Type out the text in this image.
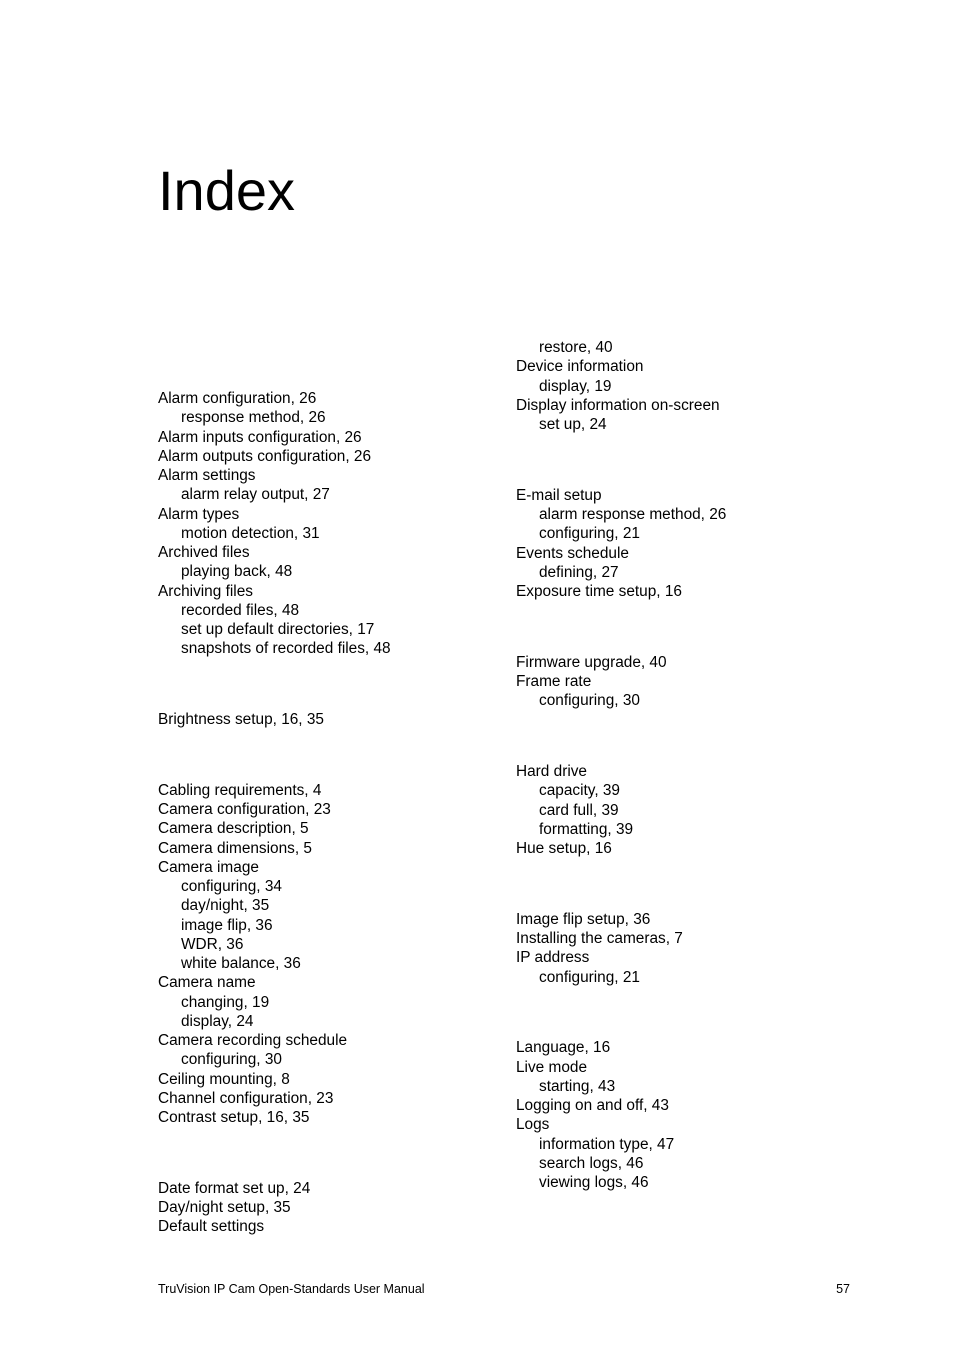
Index
Alarm configuration, 26
response method, 26
Alarm inputs configuration, 26
Alarm outputs configuration, 26
Alarm settings
alarm relay output, 27
Alarm types
motion detection, 31
Archived files
playing back, 48
Archiving files
recorded files, 48
set up default directories, 17
snapshots of recorded files, 48
Brightness setup, 16, 35
Cabling requirements, 4
Camera configuration, 23
Camera description, 5
Camera dimensions, 5
Camera image
configuring, 34
day/night, 35
image flip, 36
WDR, 36
white balance, 36
Camera name
changing, 19
display, 24
Camera recording schedule
configuring, 30
Ceiling mounting, 8
Channel configuration, 23
Contrast setup, 16, 35
Date format set up, 24
Day/night setup, 35
Default settings
restore, 40
Device information
display, 19
Display information on-screen
set up, 24
E-mail setup
alarm response method, 26
configuring, 21
Events schedule
defining, 27
Exposure time setup, 16
Firmware upgrade, 40
Frame rate
configuring, 30
Hard drive
capacity, 39
card full, 39
formatting, 39
Hue setup, 16
Image flip setup, 36
Installing the cameras, 7
IP address
configuring, 21
Language, 16
Live mode
starting, 43
Logging on and off, 43
Logs
information type, 47
search logs, 46
viewing logs, 46
TruVision IP Cam Open-Standards User Manual	57
